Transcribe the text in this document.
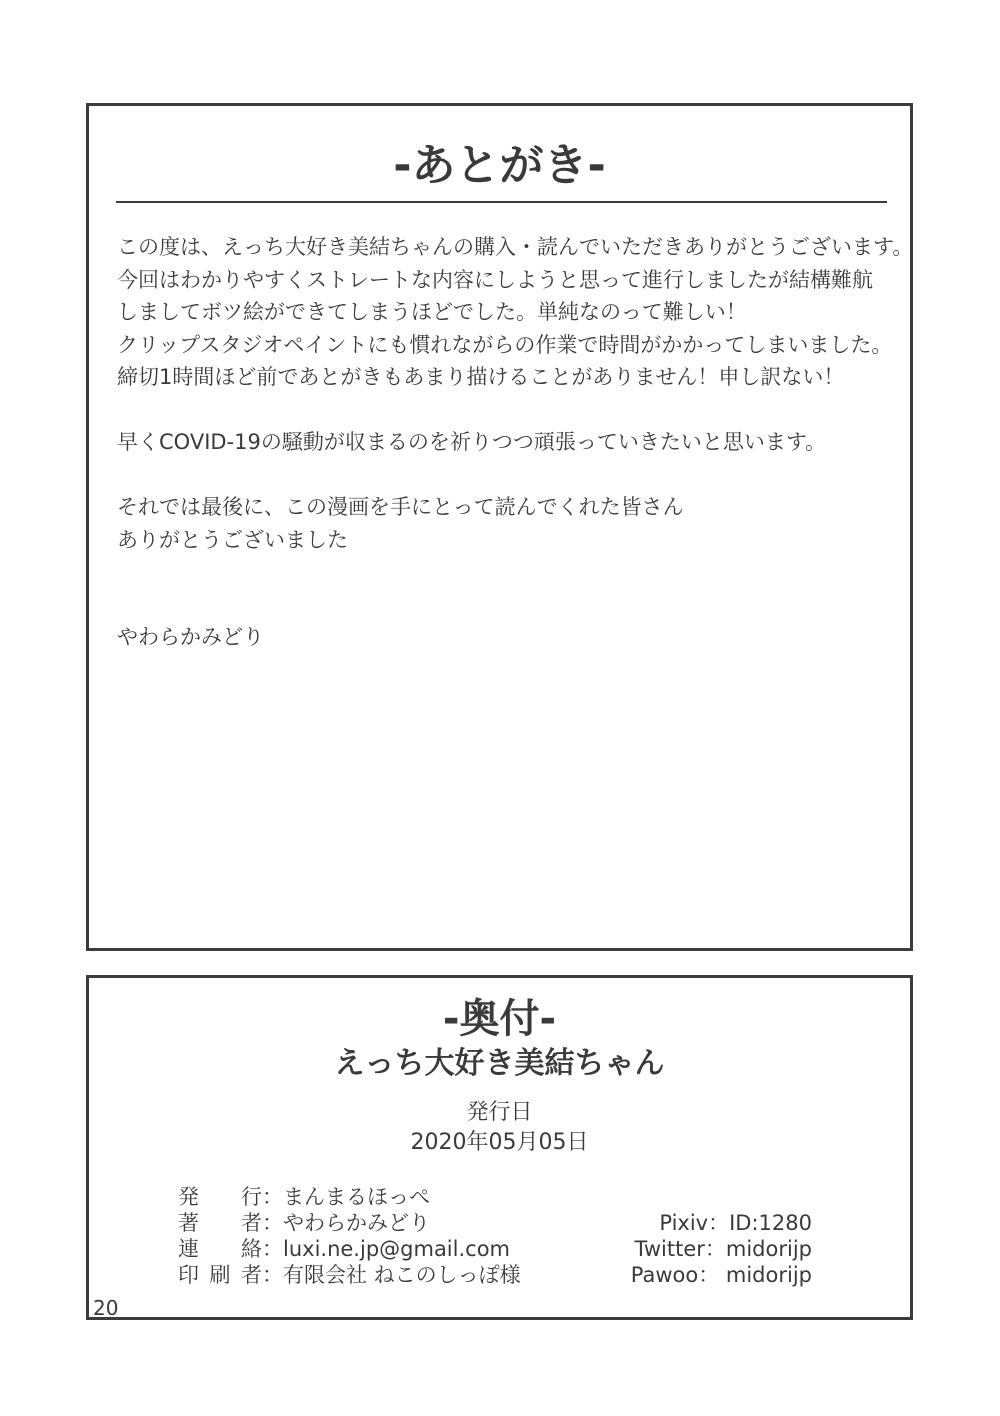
-あとがき-

この度は、えっち大好き美結ちゃんの購入・読んでいただきありがとうございます。
今回はわかりやすくストレートな内容にしようと思って進行しましたが結構難航
しましてボツ絵ができてしまうほどでした。単純なのって難しい！
クリップスタジオペイントにも慣れながらの作業で時間がかかってしまいました。
締切1時間ほど前であとがきもあまり描けることがありません！申し訳ない！

早くCOVID-19の騒動が収まるのを祈りつつ頑張っていきたいと思います。

それでは最後に、この漫画を手にとって読んでくれた皆さん
ありがとうございました

やわらかみどり

-奥付-
えっち大好き美結ちゃん
発行日
2020年05月05日
発行：まんまるほっぺ
著者：やわらかみどり
連絡：luxi.ne.jp@gmail.com
印刷者：有限会社 ねこのしっぽ様
Pixiv：ID:1280
Twitter：midorijp
Pawoo： midorijp
20
